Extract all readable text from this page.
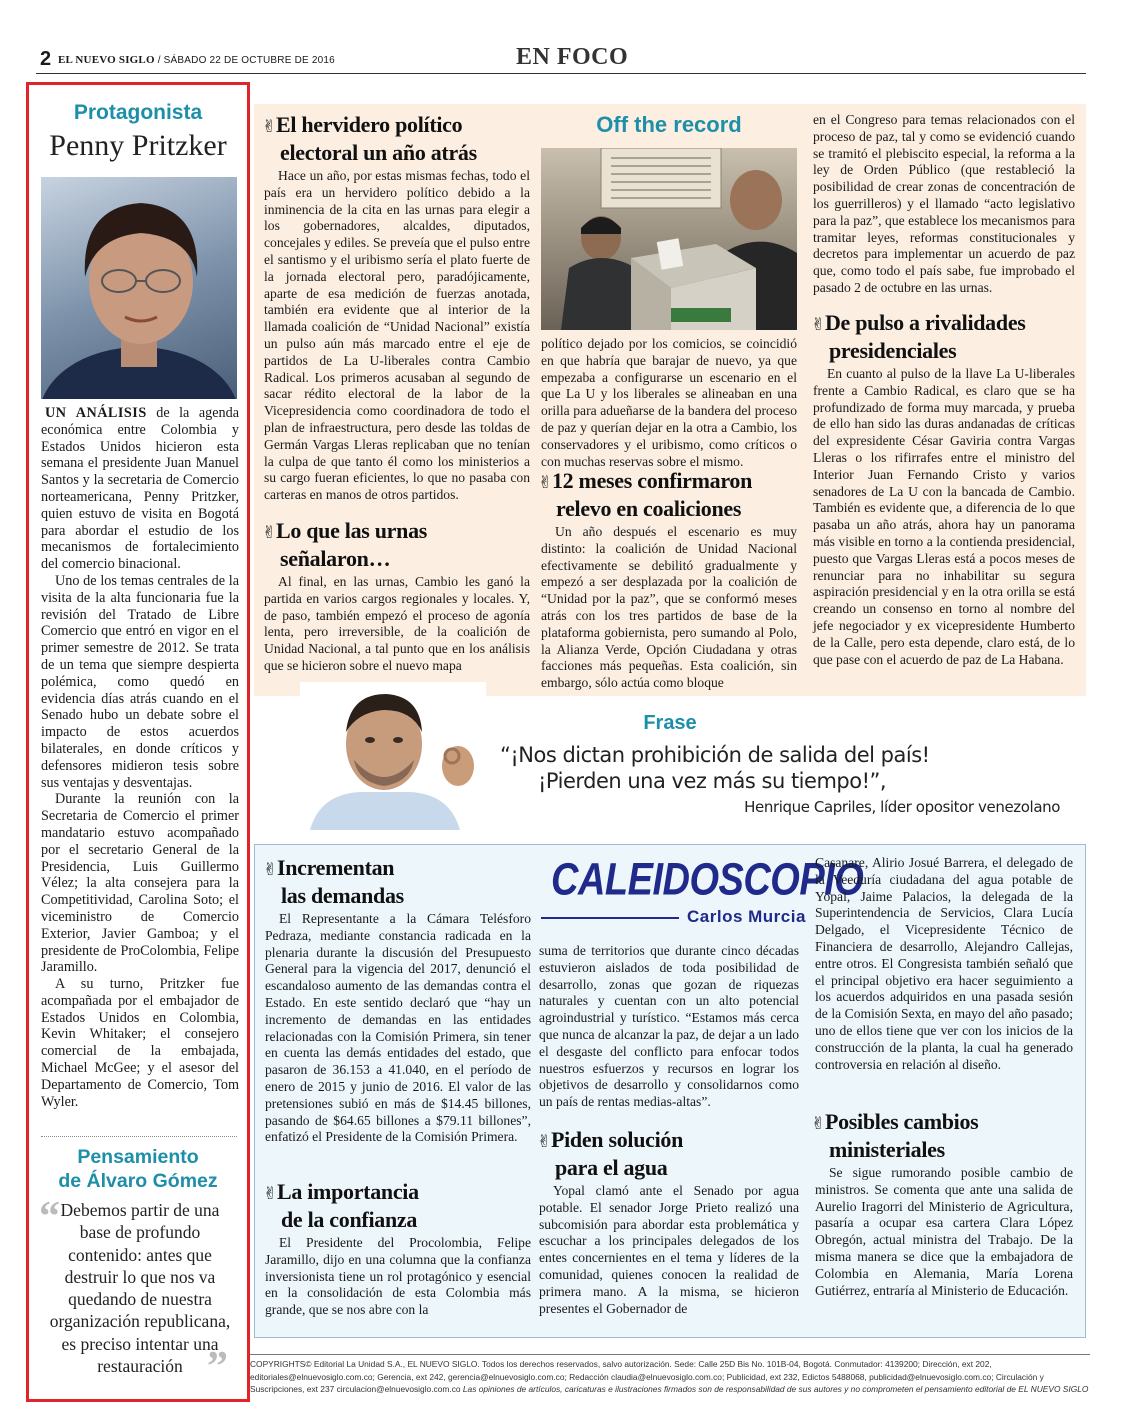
2 EL NUEVO SIGLO / SÁBADO 22 DE OCTUBRE DE 2016	EN FOCO
Protagonista
Penny Pritzker

UN ANÁLISIS de la agenda económica entre Colombia y Estados Unidos hicieron esta semana el presidente Juan Manuel Santos y la secretaria de Comercio norteamericana, Penny Pritzker, quien estuvo de visita en Bogotá para abordar el estudio de los mecanismos de fortalecimiento del comercio binacional.

Uno de los temas centrales de la visita de la alta funcionaria fue la revisión del Tratado de Libre Comercio que entró en vigor en el primer semestre de 2012. Se trata de un tema que siempre despierta polémica, como quedó en evidencia días atrás cuando en el Senado hubo un debate sobre el impacto de estos acuerdos bilaterales, en donde críticos y defensores midieron tesis sobre sus ventajas y desventajas.

Durante la reunión con la Secretaria de Comercio el primer mandatario estuvo acompañado por el secretario General de la Presidencia, Luis Guillermo Vélez; la alta consejera para la Competitividad, Carolina Soto; el viceministro de Comercio Exterior, Javier Gamboa; y el presidente de ProColombia, Felipe Jaramillo.

A su turno, Pritzker fue acompañada por el embajador de Estados Unidos en Colombia, Kevin Whitaker; el consejero comercial de la embajada, Michael McGee; y el asesor del Departamento de Comercio, Tom Wyler.

Pensamiento
de Álvaro Gómez
“ Debemos partir de una base de profundo contenido: antes que destruir lo que nos va quedando de nuestra organización republicana, es preciso intentar una restauración ”
✌El hervidero político
electoral un año atrás

Hace un año, por estas mismas fechas, todo el país era un hervidero político debido a la inminencia de la cita en las urnas para elegir a los gobernadores, alcaldes, diputados, concejales y ediles. Se preveía que el pulso entre el santismo y el uribismo sería el plato fuerte de la jornada electoral pero, paradójicamente, aparte de esa medición de fuerzas anotada, también era evidente que al interior de la llamada coalición de “Unidad Nacional” existía un pulso aún más marcado entre el eje de partidos de La U-liberales contra Cambio Radical. Los primeros acusaban al segundo de sacar rédito electoral de la labor de la Vicepresidencia como coordinadora de todo el plan de infraestructura, pero desde las toldas de Germán Vargas Lleras replicaban que no tenían la culpa de que tanto él como los ministerios a su cargo fueran eficientes, lo que no pasaba con carteras en manos de otros partidos.

✌Lo que las urnas
señalaron…

Al final, en las urnas, Cambio les ganó la partida en varios cargos regionales y locales. Y, de paso, también empezó el proceso de agonía lenta, pero irreversible, de la coalición de Unidad Nacional, a tal punto que en los análisis que se hicieron sobre el nuevo mapa

Off the record

político dejado por los comicios, se coincidió en que habría que barajar de nuevo, ya que empezaba a configurarse un escenario en el que La U y los liberales se alineaban en una orilla para adueñarse de la bandera del proceso de paz y querían dejar en la otra a Cambio, los conservadores y el uribismo, como críticos o con muchas reservas sobre el mismo.

✌12 meses confirmaron
relevo en coaliciones

Un año después el escenario es muy distinto: la coalición de Unidad Nacional efectivamente se debilitó gradualmente y empezó a ser desplazada por la coalición de “Unidad por la paz”, que se conformó meses atrás con los tres partidos de base de la plataforma gobiernista, pero sumando al Polo, la Alianza Verde, Opción Ciudadana y otras facciones más pequeñas. Esta coalición, sin embargo, sólo actúa como bloque

en el Congreso para temas relacionados con el proceso de paz, tal y como se evidenció cuando se tramitó el plebiscito especial, la reforma a la ley de Orden Público (que restableció la posibilidad de crear zonas de concentración de los guerrilleros) y el llamado “acto legislativo para la paz”, que establece los mecanismos para tramitar leyes, reformas constitucionales y decretos para implementar un acuerdo de paz que, como todo el país sabe, fue improbado el pasado 2 de octubre en las urnas.

✌De pulso a rivalidades
presidenciales

En cuanto al pulso de la llave La U-liberales frente a Cambio Radical, es claro que se ha profundizado de forma muy marcada, y prueba de ello han sido las duras andanadas de críticas del expresidente César Gaviria contra Vargas Lleras o los rifirrafes entre el ministro del Interior Juan Fernando Cristo y varios senadores de La U con la bancada de Cambio. También es evidente que, a diferencia de lo que pasaba un año atrás, ahora hay un panorama más visible en torno a la contienda presidencial, puesto que Vargas Lleras está a pocos meses de renunciar para no inhabilitar su segura aspiración presidencial y en la otra orilla se está creando un consenso en torno al nombre del jefe negociador y ex vicepresidente Humberto de la Calle, pero esta depende, claro está, de lo que pase con el acuerdo de paz de La Habana.

Frase
“¡Nos dictan prohibición de salida del país!
¡Pierden una vez más su tiempo!”,
Henrique Capriles, líder opositor venezolano
CALEIDOSCOPIO
Carlos Murcia
✌Incrementan
las demandas

El Representante a la Cámara Telésforo Pedraza, mediante constancia radicada en la plenaria durante la discusión del Presupuesto General para la vigencia del 2017, denunció el escandaloso aumento de las demandas contra el Estado. En este sentido declaró que “hay un incremento de demandas en las entidades relacionadas con la Comisión Primera, sin tener en cuenta las demás entidades del estado, que pasaron de 36.153 a 41.040, en el período de enero de 2015 y junio de 2016. El valor de las pretensiones subió en más de $14.45 billones, pasando de $64.65 billones a $79.11 billones”, enfatizó el Presidente de la Comisión Primera.

✌La importancia
de la confianza

El Presidente del Procolombia, Felipe Jaramillo, dijo en una columna que la confianza inversionista tiene un rol protagónico y esencial en la consolidación de esta Colombia más grande, que se nos abre con la

suma de territorios que durante cinco décadas estuvieron aislados de toda posibilidad de desarrollo, zonas que gozan de riquezas naturales y cuentan con un alto potencial agroindustrial y turístico. “Estamos más cerca que nunca de alcanzar la paz, de dejar a un lado el desgaste del conflicto para enfocar todos nuestros esfuerzos y recursos en lograr los objetivos de desarrollo y consolidarnos como un país de rentas medias-altas”.

✌Piden solución
para el agua

Yopal clamó ante el Senado por agua potable. El senador Jorge Prieto realizó una subcomisión para abordar esta problemática y escuchar a los principales delegados de los entes concernientes en el tema y líderes de la comunidad, quienes conocen la realidad de primera mano. A la misma, se hicieron presentes el Gobernador de

Casanare, Alirio Josué Barrera, el delegado de la Veeduría ciudadana del agua potable de Yopal, Jaime Palacios, la delegada de la Superintendencia de Servicios, Clara Lucía Delgado, el Vicepresidente Técnico de Financiera de desarrollo, Alejandro Callejas, entre otros. El Congresista también señaló que el principal objetivo era hacer seguimiento a los acuerdos adquiridos en una pasada sesión de la Comisión Sexta, en mayo del año pasado; uno de ellos tiene que ver con los inicios de la construcción de la planta, la cual ha generado controversia en relación al diseño.

✌Posibles cambios
ministeriales

Se sigue rumorando posible cambio de ministros. Se comenta que ante una salida de Aurelio Iragorri del Ministerio de Agricultura, pasaría a ocupar esa cartera Clara López Obregón, actual ministra del Trabajo. De la misma manera se dice que la embajadora de Colombia en Alemania, María Lorena Gutiérrez, entraría al Ministerio de Educación.

COPYRIGHTS© Editorial La Unidad S.A., EL NUEVO SIGLO. Todos los derechos reservados, salvo autorización. Sede: Calle 25D Bis No. 101B-04, Bogotá. Conmutador: 4139200; Dirección, ext 202, editoriales@elnuevosiglo.com.co; Gerencia, ext 242, gerencia@elnuevosiglo.com.co; Redacción claudia@elnuevosiglo.com.co; Publicidad, ext 232, Edictos 5488068, publicidad@elnuevosiglo.com.co; Circulación y Suscripciones, ext 237 circulacion@elnuevosiglo.com.co Las opiniones de artículos, caricaturas e ilustraciones firmados son de responsabilidad de sus autores y no comprometen el pensamiento editorial de EL NUEVO SIGLO
